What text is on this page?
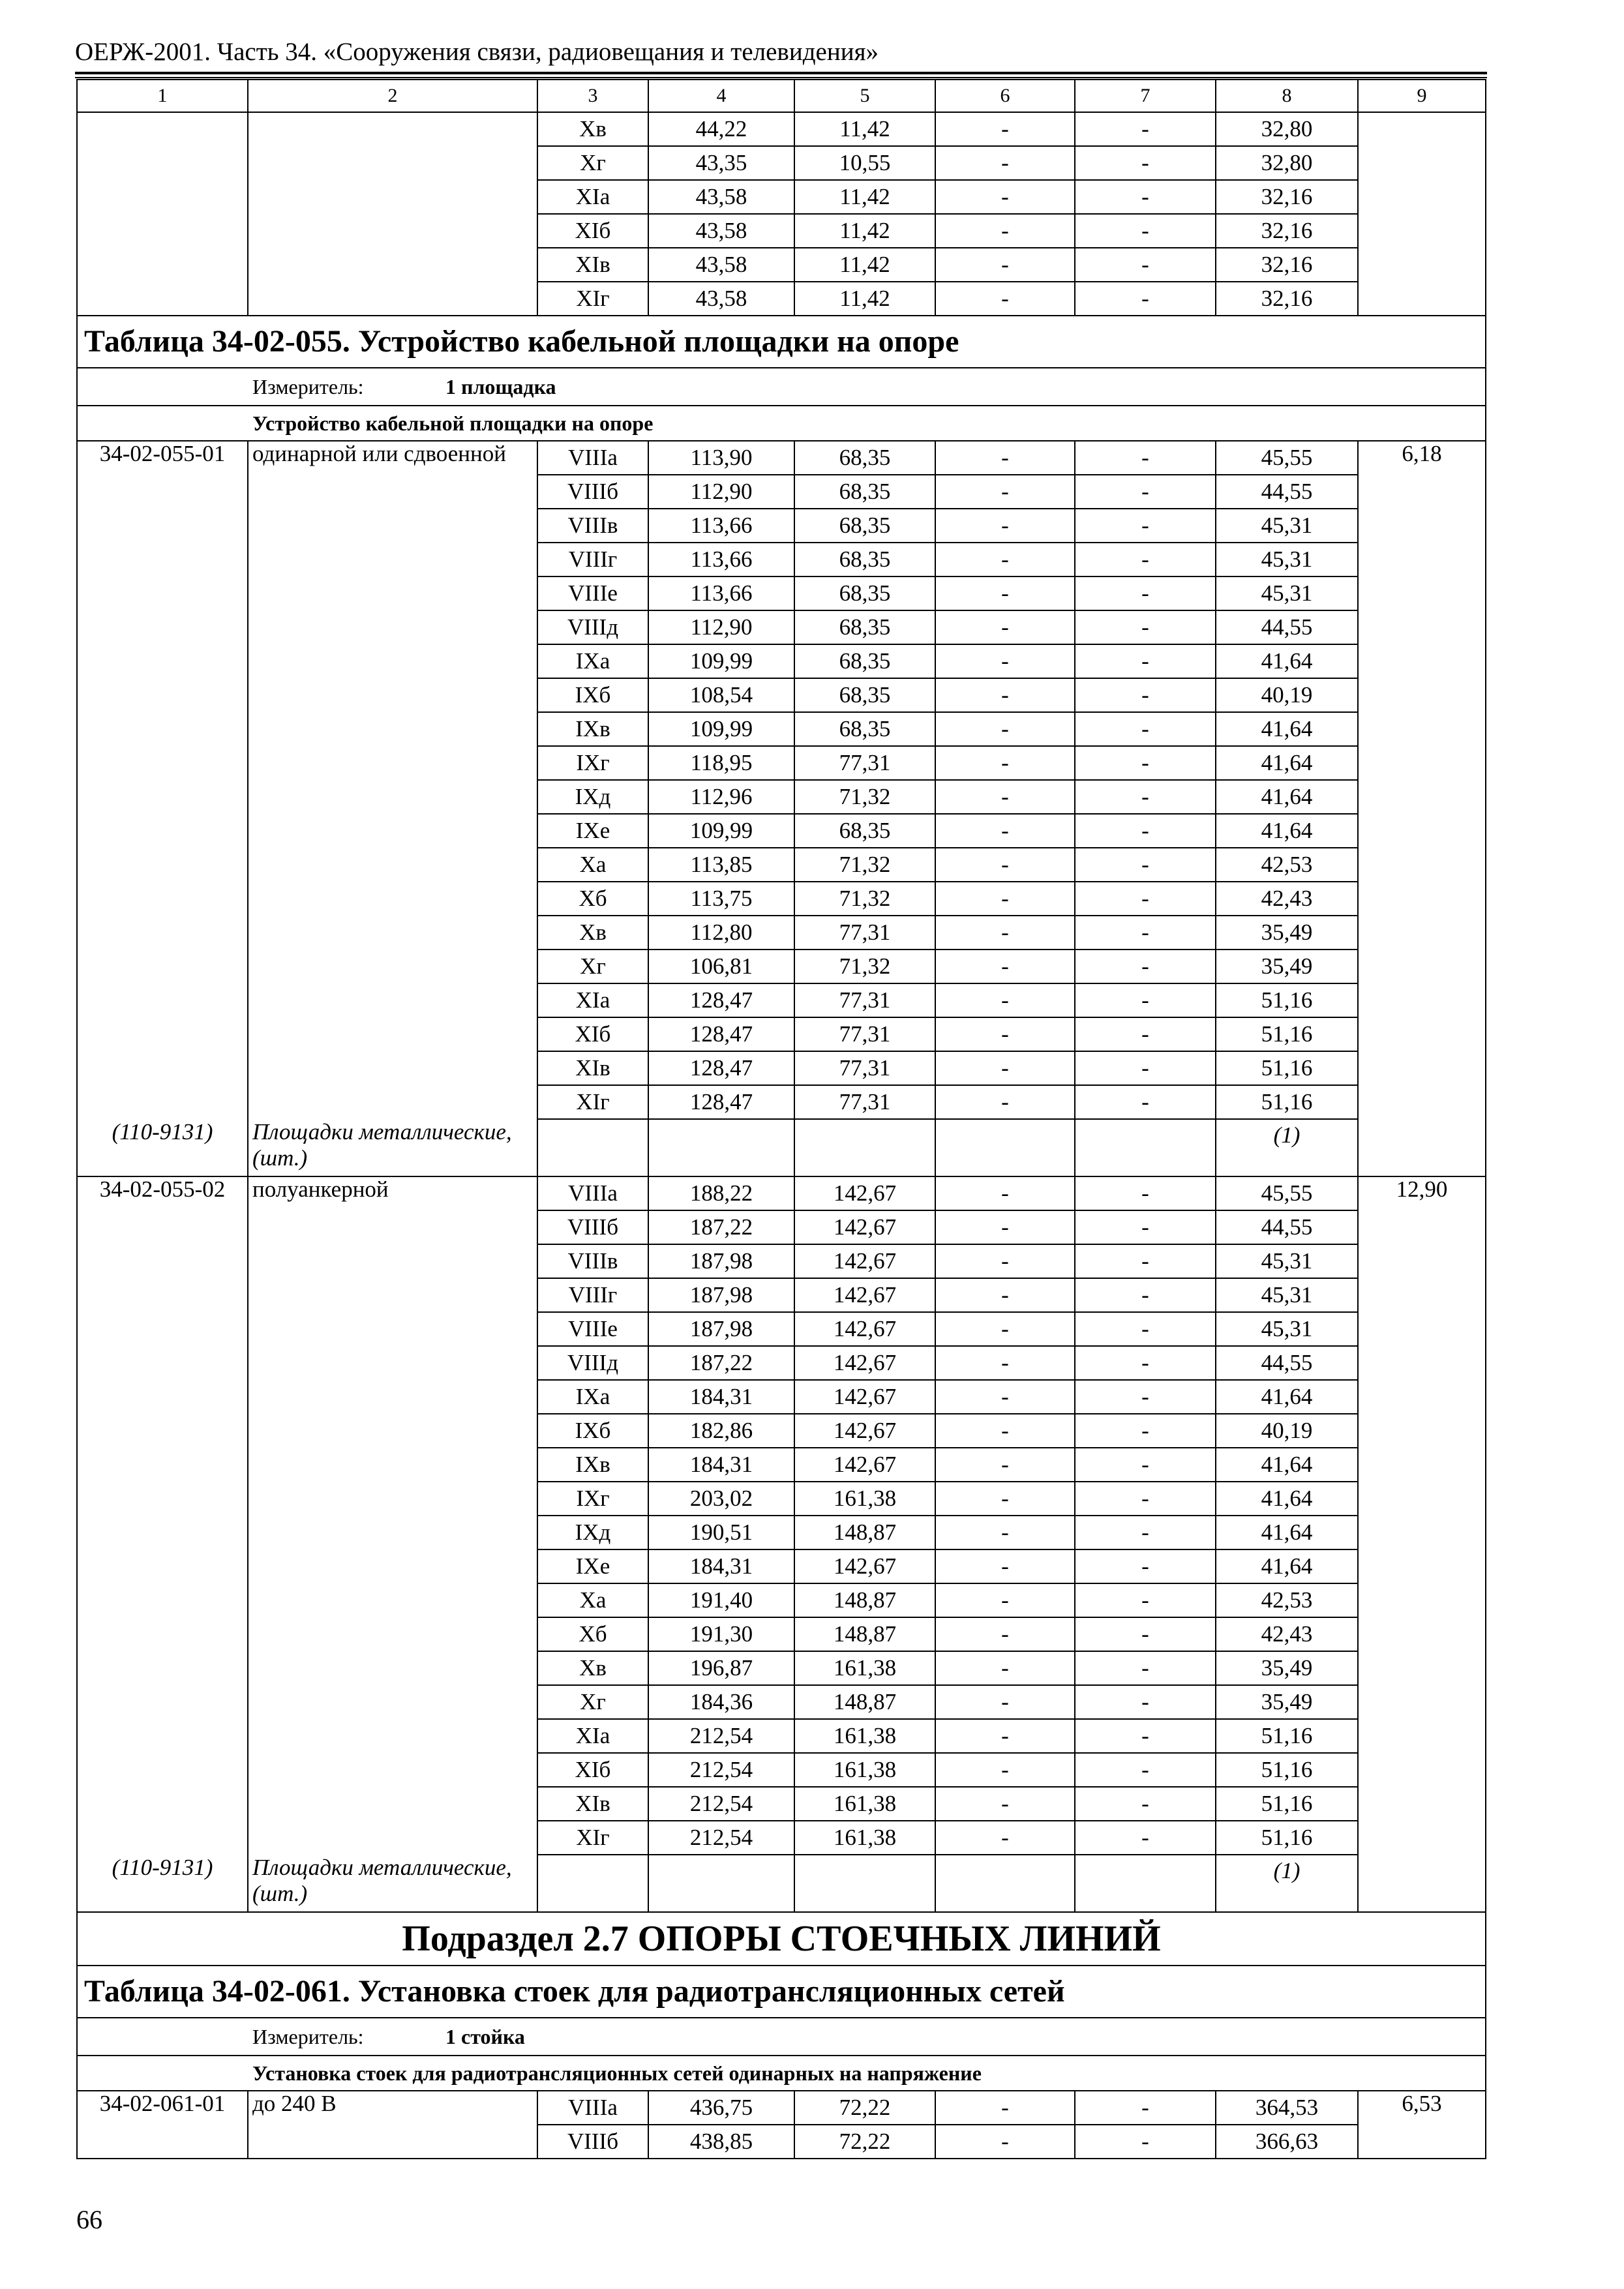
ОЕРЖ-2001. Часть 34. «Сооружения связи, радиовещания и телевидения»
1	2	3	4	5	6	7	8	9
		Хв	44,22	11,42	-	-	32,80	
		Хг	43,35	10,55	-	-	32,80	
		ХIа	43,58	11,42	-	-	32,16	
		ХIб	43,58	11,42	-	-	32,16	
		ХIв	43,58	11,42	-	-	32,16	
		ХIг	43,58	11,42	-	-	32,16	
Таблица 34-02-055. Устройство кабельной площадки на опоре								
Измеритель: 1 площадка								
Устройство кабельной площадки на опоре								
34-02-055-01	одинарной или сдвоенной	VIIIа	113,90	68,35	-	-	45,55	6,18
		VIIIб	112,90	68,35	-	-	44,55	
		VIIIв	113,66	68,35	-	-	45,31	
		VIIIг	113,66	68,35	-	-	45,31	
		VIIIе	113,66	68,35	-	-	45,31	
		VIIIд	112,90	68,35	-	-	44,55	
		IХа	109,99	68,35	-	-	41,64	
		IХб	108,54	68,35	-	-	40,19	
		IХв	109,99	68,35	-	-	41,64	
		IХг	118,95	77,31	-	-	41,64	
		IХд	112,96	71,32	-	-	41,64	
		IХе	109,99	68,35	-	-	41,64	
		Ха	113,85	71,32	-	-	42,53	
		Хб	113,75	71,32	-	-	42,43	
		Хв	112,80	77,31	-	-	35,49	
		Хг	106,81	71,32	-	-	35,49	
		ХIа	128,47	77,31	-	-	51,16	
		ХIб	128,47	77,31	-	-	51,16	
		ХIв	128,47	77,31	-	-	51,16	
		ХIг	128,47	77,31	-	-	51,16	
(110-9131)	Площадки металлические, (шт.)						(1)	
34-02-055-02	полуанкерной	VIIIа	188,22	142,67	-	-	45,55	12,90
		VIIIб	187,22	142,67	-	-	44,55	
		VIIIв	187,98	142,67	-	-	45,31	
		VIIIг	187,98	142,67	-	-	45,31	
		VIIIе	187,98	142,67	-	-	45,31	
		VIIIд	187,22	142,67	-	-	44,55	
		IХа	184,31	142,67	-	-	41,64	
		IХб	182,86	142,67	-	-	40,19	
		IХв	184,31	142,67	-	-	41,64	
		IХг	203,02	161,38	-	-	41,64	
		IХд	190,51	148,87	-	-	41,64	
		IХе	184,31	142,67	-	-	41,64	
		Ха	191,40	148,87	-	-	42,53	
		Хб	191,30	148,87	-	-	42,43	
		Хв	196,87	161,38	-	-	35,49	
		Хг	184,36	148,87	-	-	35,49	
		ХIа	212,54	161,38	-	-	51,16	
		ХIб	212,54	161,38	-	-	51,16	
		ХIв	212,54	161,38	-	-	51,16	
		ХIг	212,54	161,38	-	-	51,16	
(110-9131)	Площадки металлические, (шт.)						(1)	
Подраздел 2.7 ОПОРЫ СТОЕЧНЫХ ЛИНИЙ								
Таблица 34-02-061. Установка стоек для радиотрансляционных сетей								
Измеритель: 1 стойка								
Установка стоек для радиотрансляционных сетей одинарных на напряжение								
34-02-061-01	до 240 В	VIIIа	436,75	72,22	-	-	364,53	6,53
		VIIIб	438,85	72,22	-	-	366,63	
66
